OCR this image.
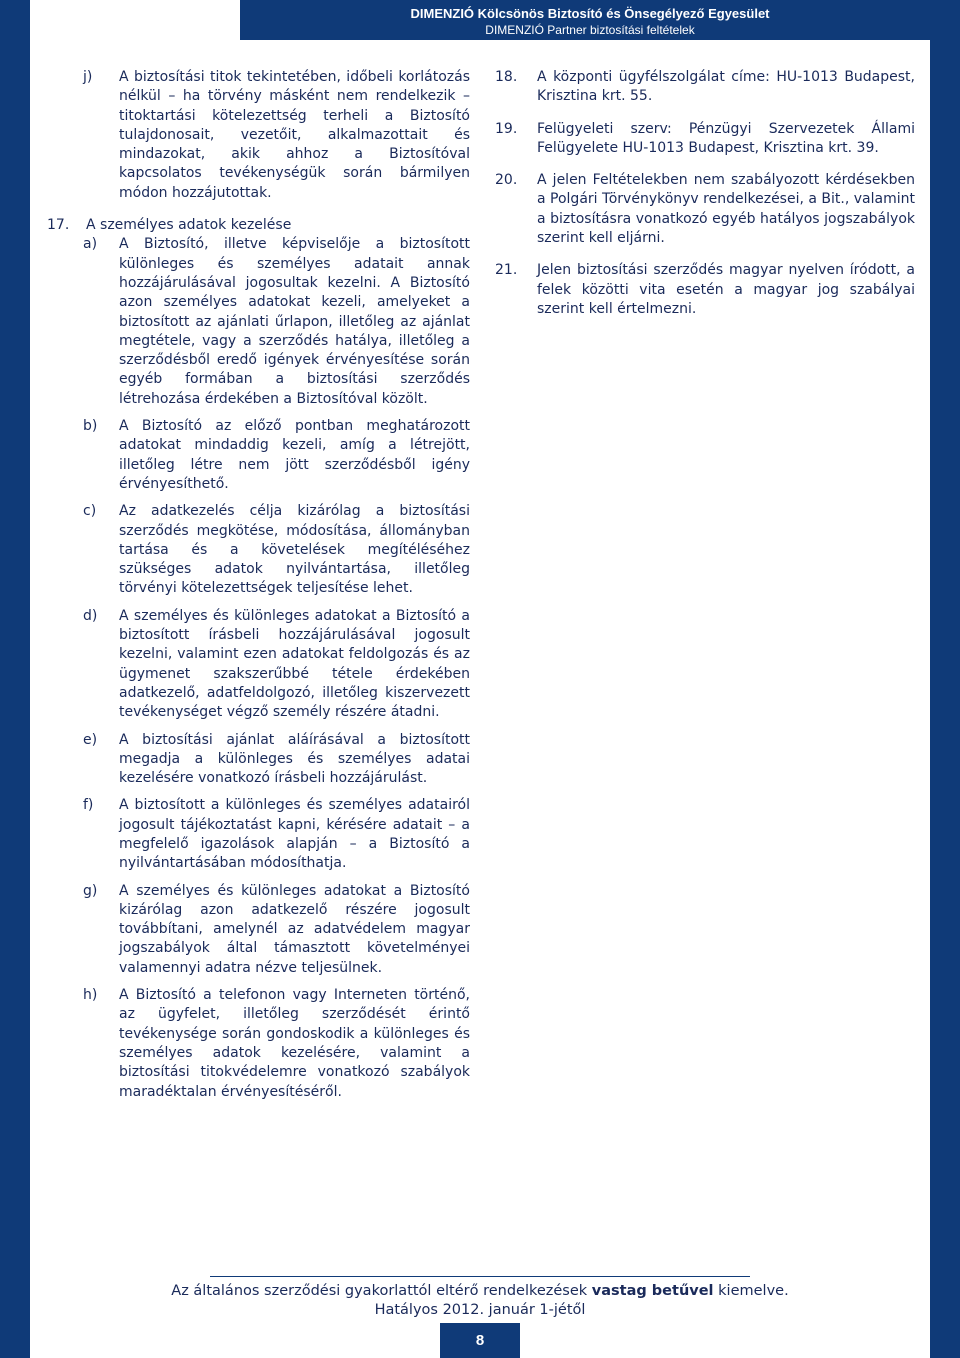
DIMENZIÓ Kölcsönös Biztosító és Önsegélyező Egyesület
DIMENZIÓ Partner biztosítási feltételek
j)	A biztosítási titok tekintetében, időbeli korlátozás nélkül – ha törvény másként nem rendelkezik – titoktartási kötelezettség terheli a Biztosító tulajdonosait, vezetőit, alkalmazottait és mindazokat, akik ahhoz a Biztosítóval kapcsolatos tevékenységük során bármilyen módon hozzájutottak.
17.	A személyes adatok kezelése
a)	A Biztosító, illetve képviselője a biztosított különleges és személyes adatait annak hozzájárulásával jogosultak kezelni. A Biztosító azon személyes adatokat kezeli, amelyeket a biztosított az ajánlati űrlapon, illetőleg az ajánlat megtétele, vagy a szerződés hatálya, illetőleg a szerződésből eredő igények érvényesítése során egyéb formában a biztosítási szerződés létrehozása érdekében a Biztosítóval közölt.
b)	A Biztosító az előző pontban meghatározott adatokat mindaddig kezeli, amíg a létrejött, illetőleg létre nem jött szerződésből igény érvényesíthető.
c)	Az adatkezelés célja kizárólag a biztosítási szerződés megkötése, módosítása, állományban tartása és a követelések megítéléséhez szükséges adatok nyilvántartása, illetőleg törvényi kötelezettségek teljesítése lehet.
d)	A személyes és különleges adatokat a Biztosító a biztosított írásbeli hozzájárulásával jogosult kezelni, valamint ezen adatokat feldolgozás és az ügymenet szakszerűbbé tétele érdekében adatkezelő, adatfeldolgozó, illetőleg kiszervezett tevékenységet végző személy részére átadni.
e)	A biztosítási ajánlat aláírásával a biztosított megadja a különleges és személyes adatai kezelésére vonatkozó írásbeli hozzájárulást.
f)	A biztosított a különleges és személyes adatairól jogosult tájékoztatást kapni, kérésére adatait – a megfelelő igazolások alapján – a Biztosító a nyilvántartásában módosíthatja.
g)	A személyes és különleges adatokat a Biztosító kizárólag azon adatkezelő részére jogosult továbbítani, amelynél az adatvédelem magyar jogszabályok által támasztott követelményei valamennyi adatra nézve teljesülnek.
h)	A Biztosító a telefonon vagy Interneten történő, az ügyfelet, illetőleg szerződését érintő tevékenysége során gondoskodik a különleges és személyes adatok kezelésére, valamint a biztosítási titokvédelemre vonatkozó szabályok maradéktalan érvényesítéséről.
18.	A központi ügyfélszolgálat címe: HU-1013 Budapest, Krisztina krt. 55.
19.	Felügyeleti szerv: Pénzügyi Szervezetek Állami Felügyelete HU-1013 Budapest, Krisztina krt. 39.
20.	A jelen Feltételekben nem szabályozott kérdésekben a Polgári Törvénykönyv rendelkezései, a Bit., valamint a biztosításra vonatkozó egyéb hatályos jogszabályok szerint kell eljárni.
21.	Jelen biztosítási szerződés magyar nyelven íródott, a felek közötti vita esetén a magyar jog szabályai szerint kell értelmezni.
Az általános szerződési gyakorlattól eltérő rendelkezések vastag betűvel kiemelve.
Hatályos 2012. január 1-jétől
8
